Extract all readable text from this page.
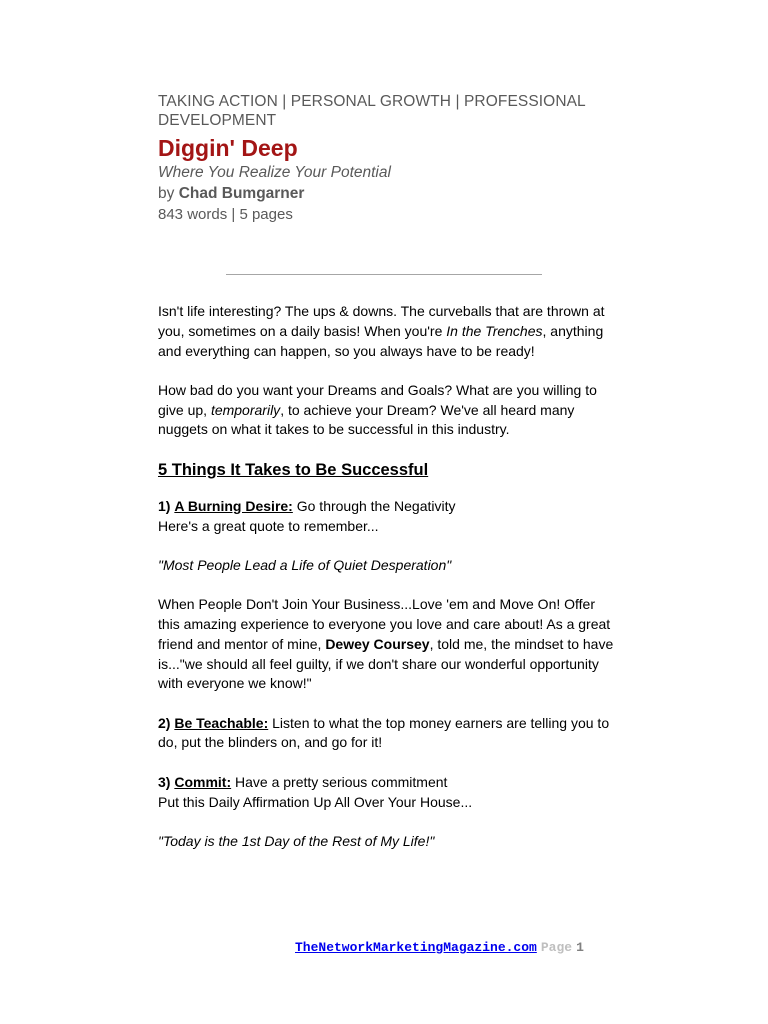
TAKING ACTION | PERSONAL GROWTH | PROFESSIONAL DEVELOPMENT
Diggin' Deep
Where You Realize Your Potential
by Chad Bumgarner
843 words | 5 pages

Isn't life interesting? The ups & downs. The curveballs that are thrown at you, sometimes on a daily basis! When you're In the Trenches, anything and everything can happen, so you always have to be ready!

How bad do you want your Dreams and Goals? What are you willing to give up, temporarily, to achieve your Dream? We've all heard many nuggets on what it takes to be successful in this industry.

5 Things It Takes to Be Successful

1) A Burning Desire: Go through the Negativity
Here's a great quote to remember...

"Most People Lead a Life of Quiet Desperation"

When People Don't Join Your Business...Love 'em and Move On! Offer this amazing experience to everyone you love and care about! As a great friend and mentor of mine, Dewey Coursey, told me, the mindset to have is..."we should all feel guilty, if we don't share our wonderful opportunity with everyone we know!"

2) Be Teachable: Listen to what the top money earners are telling you to do, put the blinders on, and go for it!

3) Commit: Have a pretty serious commitment
Put this Daily Affirmation Up All Over Your House...

"Today is the 1st Day of the Rest of My Life!"

TheNetworkMarketingMagazine.com Page 1
